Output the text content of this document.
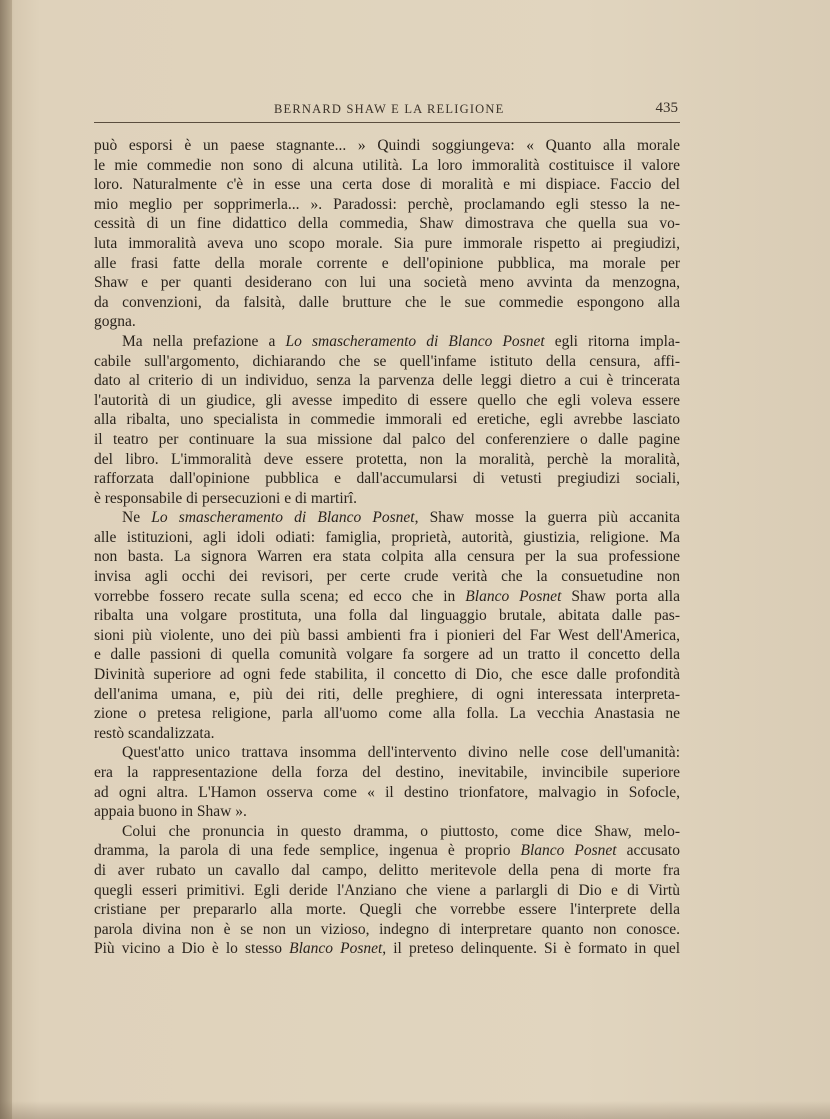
BERNARD SHAW E LA RELIGIONE	435
può esporsi è un paese stagnante... » Quindi soggiungeva: « Quanto alla morale
le mie commedie non sono di alcuna utilità. La loro immoralità costituisce il valore
loro. Naturalmente c'è in esse una certa dose di moralità e mi dispiace. Faccio del
mio meglio per sopprimerla... ». Paradossi: perchè, proclamando egli stesso la ne-
cessità di un fine didattico della commedia, Shaw dimostrava che quella sua vo-
luta immoralità aveva uno scopo morale. Sia pure immorale rispetto ai pregiudizi,
alle frasi fatte della morale corrente e dell'opinione pubblica, ma morale per
Shaw e per quanti desiderano con lui una società meno avvinta da menzogna,
da convenzioni, da falsità, dalle brutture che le sue commedie espongono alla
gogna.
Ma nella prefazione a Lo smascheramento di Blanco Posnet egli ritorna impla-
cabile sull'argomento, dichiarando che se quell'infame istituto della censura, affi-
dato al criterio di un individuo, senza la parvenza delle leggi dietro a cui è trincerata
l'autorità di un giudice, gli avesse impedito di essere quello che egli voleva essere
alla ribalta, uno specialista in commedie immorali ed eretiche, egli avrebbe lasciato
il teatro per continuare la sua missione dal palco del conferenziere o dalle pagine
del libro. L'immoralità deve essere protetta, non la moralità, perchè la moralità,
rafforzata dall'opinione pubblica e dall'accumularsi di vetusti pregiudizi sociali,
è responsabile di persecuzioni e di martirî.
Ne Lo smascheramento di Blanco Posnet, Shaw mosse la guerra più accanita
alle istituzioni, agli idoli odiati: famiglia, proprietà, autorità, giustizia, religione. Ma
non basta. La signora Warren era stata colpita alla censura per la sua professione
invisa agli occhi dei revisori, per certe crude verità che la consuetudine non
vorrebbe fossero recate sulla scena; ed ecco che in Blanco Posnet Shaw porta alla
ribalta una volgare prostituta, una folla dal linguaggio brutale, abitata dalle pas-
sioni più violente, uno dei più bassi ambienti fra i pionieri del Far West dell'America,
e dalle passioni di quella comunità volgare fa sorgere ad un tratto il concetto della
Divinità superiore ad ogni fede stabilita, il concetto di Dio, che esce dalle profondità
dell'anima umana, e, più dei riti, delle preghiere, di ogni interessata interpreta-
zione o pretesa religione, parla all'uomo come alla folla. La vecchia Anastasia ne
restò scandalizzata.
Quest'atto unico trattava insomma dell'intervento divino nelle cose dell'umanità:
era la rappresentazione della forza del destino, inevitabile, invincibile superiore
ad ogni altra. L'Hamon osserva come « il destino trionfatore, malvagio in Sofocle,
appaia buono in Shaw ».
Colui che pronuncia in questo dramma, o piuttosto, come dice Shaw, melo-
dramma, la parola di una fede semplice, ingenua è proprio Blanco Posnet accusato
di aver rubato un cavallo dal campo, delitto meritevole della pena di morte fra
quegli esseri primitivi. Egli deride l'Anziano che viene a parlargli di Dio e di Virtù
cristiane per prepararlo alla morte. Quegli che vorrebbe essere l'interprete della
parola divina non è se non un vizioso, indegno di interpretare quanto non conosce.
Più vicino a Dio è lo stesso Blanco Posnet, il preteso delinquente. Si è formato in quel
